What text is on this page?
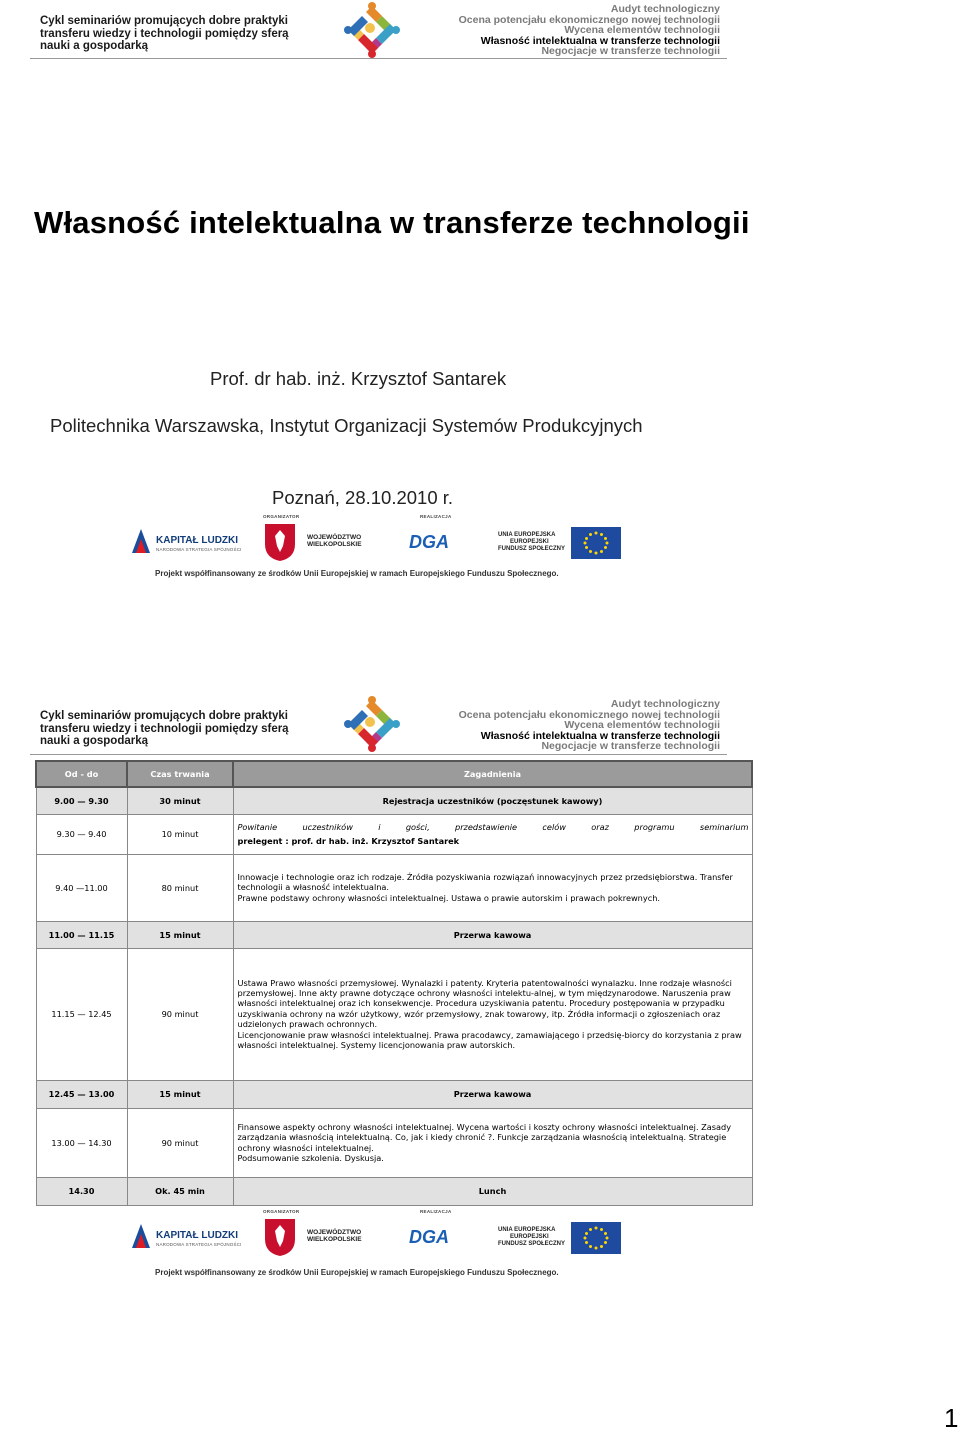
Cykl seminariów promujących dobre praktyki
transferu wiedzy i technologii pomiędzy sferą
nauki a gospodarką
Audyt technologiczny
Ocena potencjału ekonomicznego nowej technologii
Wycena elementów technologii
Własność intelektualna w transferze technologii
Negocjacje w transferze technologii
Własność intelektualna w transferze technologii
Prof. dr hab. inż. Krzysztof Santarek
Politechnika Warszawska, Instytut Organizacji Systemów Produkcyjnych
Poznań, 28.10.2010 r.
KAPITAŁ LUDZKI
NARODOWA STRATEGIA SPÓJNOŚCI
ORGANIZATOR
WOJEWÓDZTWO
WIELKOPOLSKIE
REALIZACJA
DGA	UNIA EUROPEJSKA
EUROPEJSKI
FUNDUSZ SPOŁECZNY
Projekt współfinansowany ze środków Unii Europejskiej w ramach Europejskiego Funduszu Społecznego.
Cykl seminariów promujących dobre praktyki
transferu wiedzy i technologii pomiędzy sferą
nauki a gospodarką
Audyt technologiczny
Ocena potencjału ekonomicznego nowej technologii
Wycena elementów technologii
Własność intelektualna w transferze technologii
Negocjacje w transferze technologii
Od - do	Czas trwania	Zagadnienia
9.00 — 9.30	30 minut	Rejestracja uczestników (poczęstunek kawowy)
9.30 — 9.40	10 minut	Powitanie uczestników i gości, przedstawienie celów oraz programu seminarium
prelegent : prof. dr hab. inż. Krzysztof Santarek

9.40 —11.00	80 minut	Innowacje i technologie oraz ich rodzaje. Źródła pozyskiwania rozwiązań innowacyjnych przez przedsiębiorstwa. Transfer technologii a własność intelektualna.
Prawne podstawy ochrony własności intelektualnej. Ustawa o prawie autorskim i prawach pokrewnych.

11.00 — 11.15	15 minut	Przerwa kawowa
11.15 — 12.45	90 minut	Ustawa Prawo własności przemysłowej. Wynalazki i patenty. Kryteria patentowalności wynalazku. Inne rodzaje własności przemysłowej. Inne akty prawne dotyczące ochrony własności intelektu-alnej, w tym międzynarodowe. Naruszenia praw własności intelektualnej oraz ich konsekwencje. Procedura uzyskiwania patentu. Procedury postępowania w przypadku uzyskiwania ochrony na wzór użytkowy, wzór przemysłowy, znak towarowy, itp. Źródła informacji o zgłoszeniach oraz udzielonych prawach ochronnych.
Licencjonowanie praw własności intelektualnej. Prawa pracodawcy, zamawiającego i przedsię-biorcy do korzystania z praw własności intelektualnej. Systemy licencjonowania praw autorskich.

12.45 — 13.00	15 minut	Przerwa kawowa
13.00 — 14.30	90 minut	Finansowe aspekty ochrony własności intelektualnej. Wycena wartości i koszty ochrony własności intelektualnej. Zasady zarządzania własnością intelektualną. Co, jak i kiedy chronić ?. Funkcje zarządzania własnością intelektualną. Strategie ochrony własności intelektualnej.
Podsumowanie szkolenia. Dyskusja.

14.30	Ok. 45 min	Lunch
KAPITAŁ LUDZKI
NARODOWA STRATEGIA SPÓJNOŚCI
ORGANIZATOR
WOJEWÓDZTWO
WIELKOPOLSKIE
REALIZACJA
DGA	UNIA EUROPEJSKA
EUROPEJSKI
FUNDUSZ SPOŁECZNY
Projekt współfinansowany ze środków Unii Europejskiej w ramach Europejskiego Funduszu Społecznego.
1
